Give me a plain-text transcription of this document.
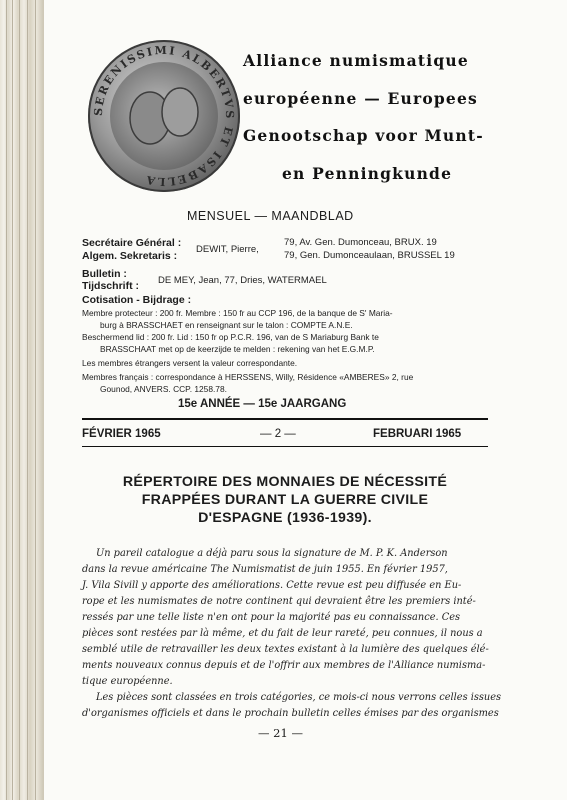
SERENISSIMI ALBERTVS ET ISABELLA
Alliance numismatique
européenne — Europees
Genootschap voor Munt-
en Penningkunde
MENSUEL — MAANDBLAD
Secrétaire Général :
Algem. Sekretaris :
DEWIT, Pierre,
79, Av. Gen. Dumonceau, BRUX. 19
79, Gen. Dumonceaulaan, BRUSSEL 19
Bulletin :
Tijdschrift : DE MEY, Jean, 77, Dries, WATERMAEL
Cotisation - Bijdrage :
Membre protecteur : 200 fr. Membre : 150 fr au CCP 196, de la banque de S' Maria-
burg à BRASSCHAET en renseignant sur le talon : COMPTE A.N.E.
Beschermend lid : 200 fr. Lid : 150 fr op P.C.R. 196, van de S Mariaburg Bank te
BRASSCHAAT met op de keerzijde te melden : rekening van het E.G.M.P.
Les membres étrangers versent la valeur correspondante.
Membres français : correspondance à HERSSENS, Willy, Résidence «AMBERES» 2, rue
Gounod, ANVERS. CCP. 1258.78.
15e ANNÉE — 15e JAARGANG
FÉVRIER 1965	— 2 —	FEBRUARI 1965
RÉPERTOIRE DES MONNAIES DE NÉCESSITÉ
FRAPPÉES DURANT LA GUERRE CIVILE
D'ESPAGNE (1936-1939).
Un pareil catalogue a déjà paru sous la signature de M. P. K. Anderson
dans la revue américaine The Numismatist de juin 1955. En février 1957,
J. Vila Sivill y apporte des améliorations. Cette revue est peu diffusée en Eu-
rope et les numismates de notre continent qui devraient être les premiers inté-
ressés par une telle liste n'en ont pour la majorité pas eu connaissance. Ces
pièces sont restées par là même, et du fait de leur rareté, peu connues, il nous a
semblé utile de retravailler les deux textes existant à la lumière des quelques élé-
ments nouveaux connus depuis et de l'offrir aux membres de l'Alliance numisma-
tique européenne.
Les pièces sont classées en trois catégories, ce mois-ci nous verrons celles issues
d'organismes officiels et dans le prochain bulletin celles émises par des organismes
— 21 —
